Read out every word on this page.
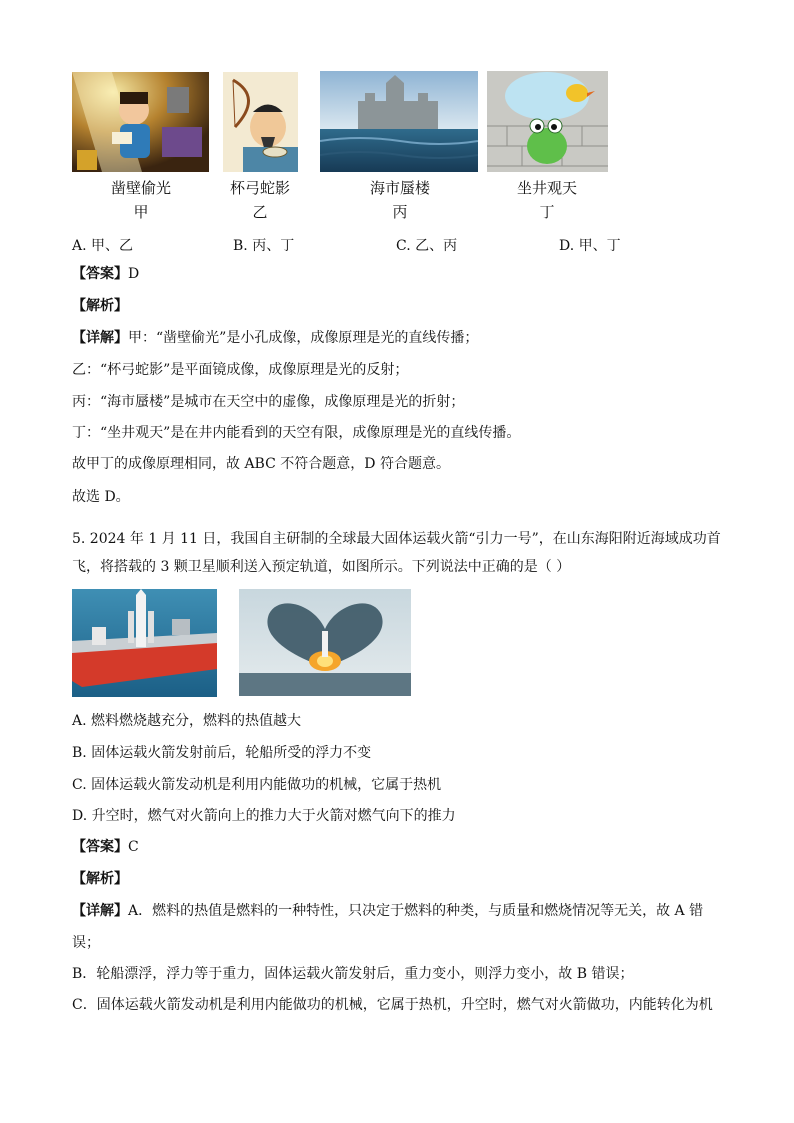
凿壁偷光
甲
杯弓蛇影
乙
海市蜃楼
丙
坐井观天
丁
A. 甲、乙	B. 丙、丁	C. 乙、丙	D. 甲、丁
【答案】D
【解析】
【详解】甲：“凿壁偷光”是小孔成像，成像原理是光的直线传播；
乙：“杯弓蛇影”是平面镜成像，成像原理是光的反射；
丙：“海市蜃楼”是城市在天空中的虚像，成像原理是光的折射；
丁：“坐井观天”是在井内能看到的天空有限，成像原理是光的直线传播。
故甲丁的成像原理相同，故 ABC 不符合题意，D 符合题意。
故选 D。
5. 2024 年 1 月 11 日，我国自主研制的全球最大固体运载火箭“引力一号”，在山东海阳附近海域成功首
飞，将搭载的 3 颗卫星顺利送入预定轨道，如图所示。下列说法中正确的是（ ）
A. 燃料燃烧越充分，燃料的热值越大
B. 固体运载火箭发射前后，轮船所受的浮力不变
C. 固体运载火箭发动机是利用内能做功的机械，它属于热机
D. 升空时，燃气对火箭向上的推力大于火箭对燃气向下的推力
【答案】C
【解析】
【详解】A．燃料的热值是燃料的一种特性，只决定于燃料的种类，与质量和燃烧情况等无关，故 A 错
误；
B．轮船漂浮，浮力等于重力，固体运载火箭发射后，重力变小，则浮力变小，故 B 错误；
C．固体运载火箭发动机是利用内能做功的机械，它属于热机，升空时，燃气对火箭做功，内能转化为机
